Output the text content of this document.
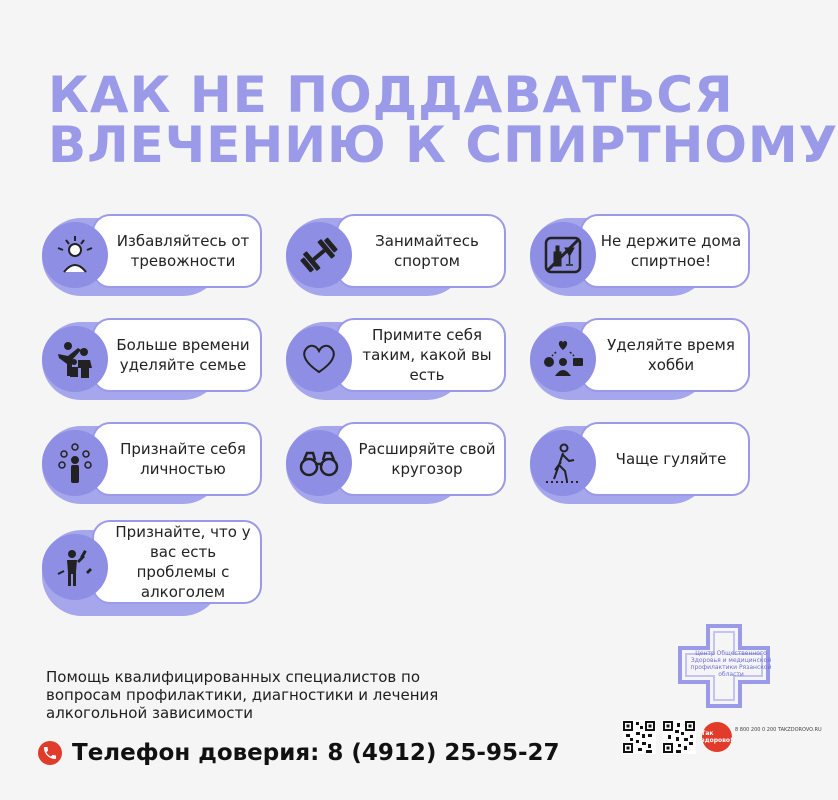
КАК НЕ ПОДДАВАТЬСЯ
ВЛЕЧЕНИЮ К СПИРТНОМУ
Избавляйтесь от тревожности
Занимайтесь спортом
Не держите дома спиртное!
Больше времени уделяйте семье
Примите себя таким, какой вы есть
Уделяйте время хобби
Признайте себя личностью
Расширяйте свой кругозор
Чаще гуляйте
Признайте, что у вас есть проблемы с алкоголем
Помощь квалифицированных специалистов по вопросам профилактики, диагностики и лечения алкогольной зависимости
Телефон доверия: 8 (4912) 25-95-27
Центр Общественного Здоровья и медицинской профилактики Рязанской области
Так здорово!
8 800 200 0 200 TAKZDOROVO.RU
